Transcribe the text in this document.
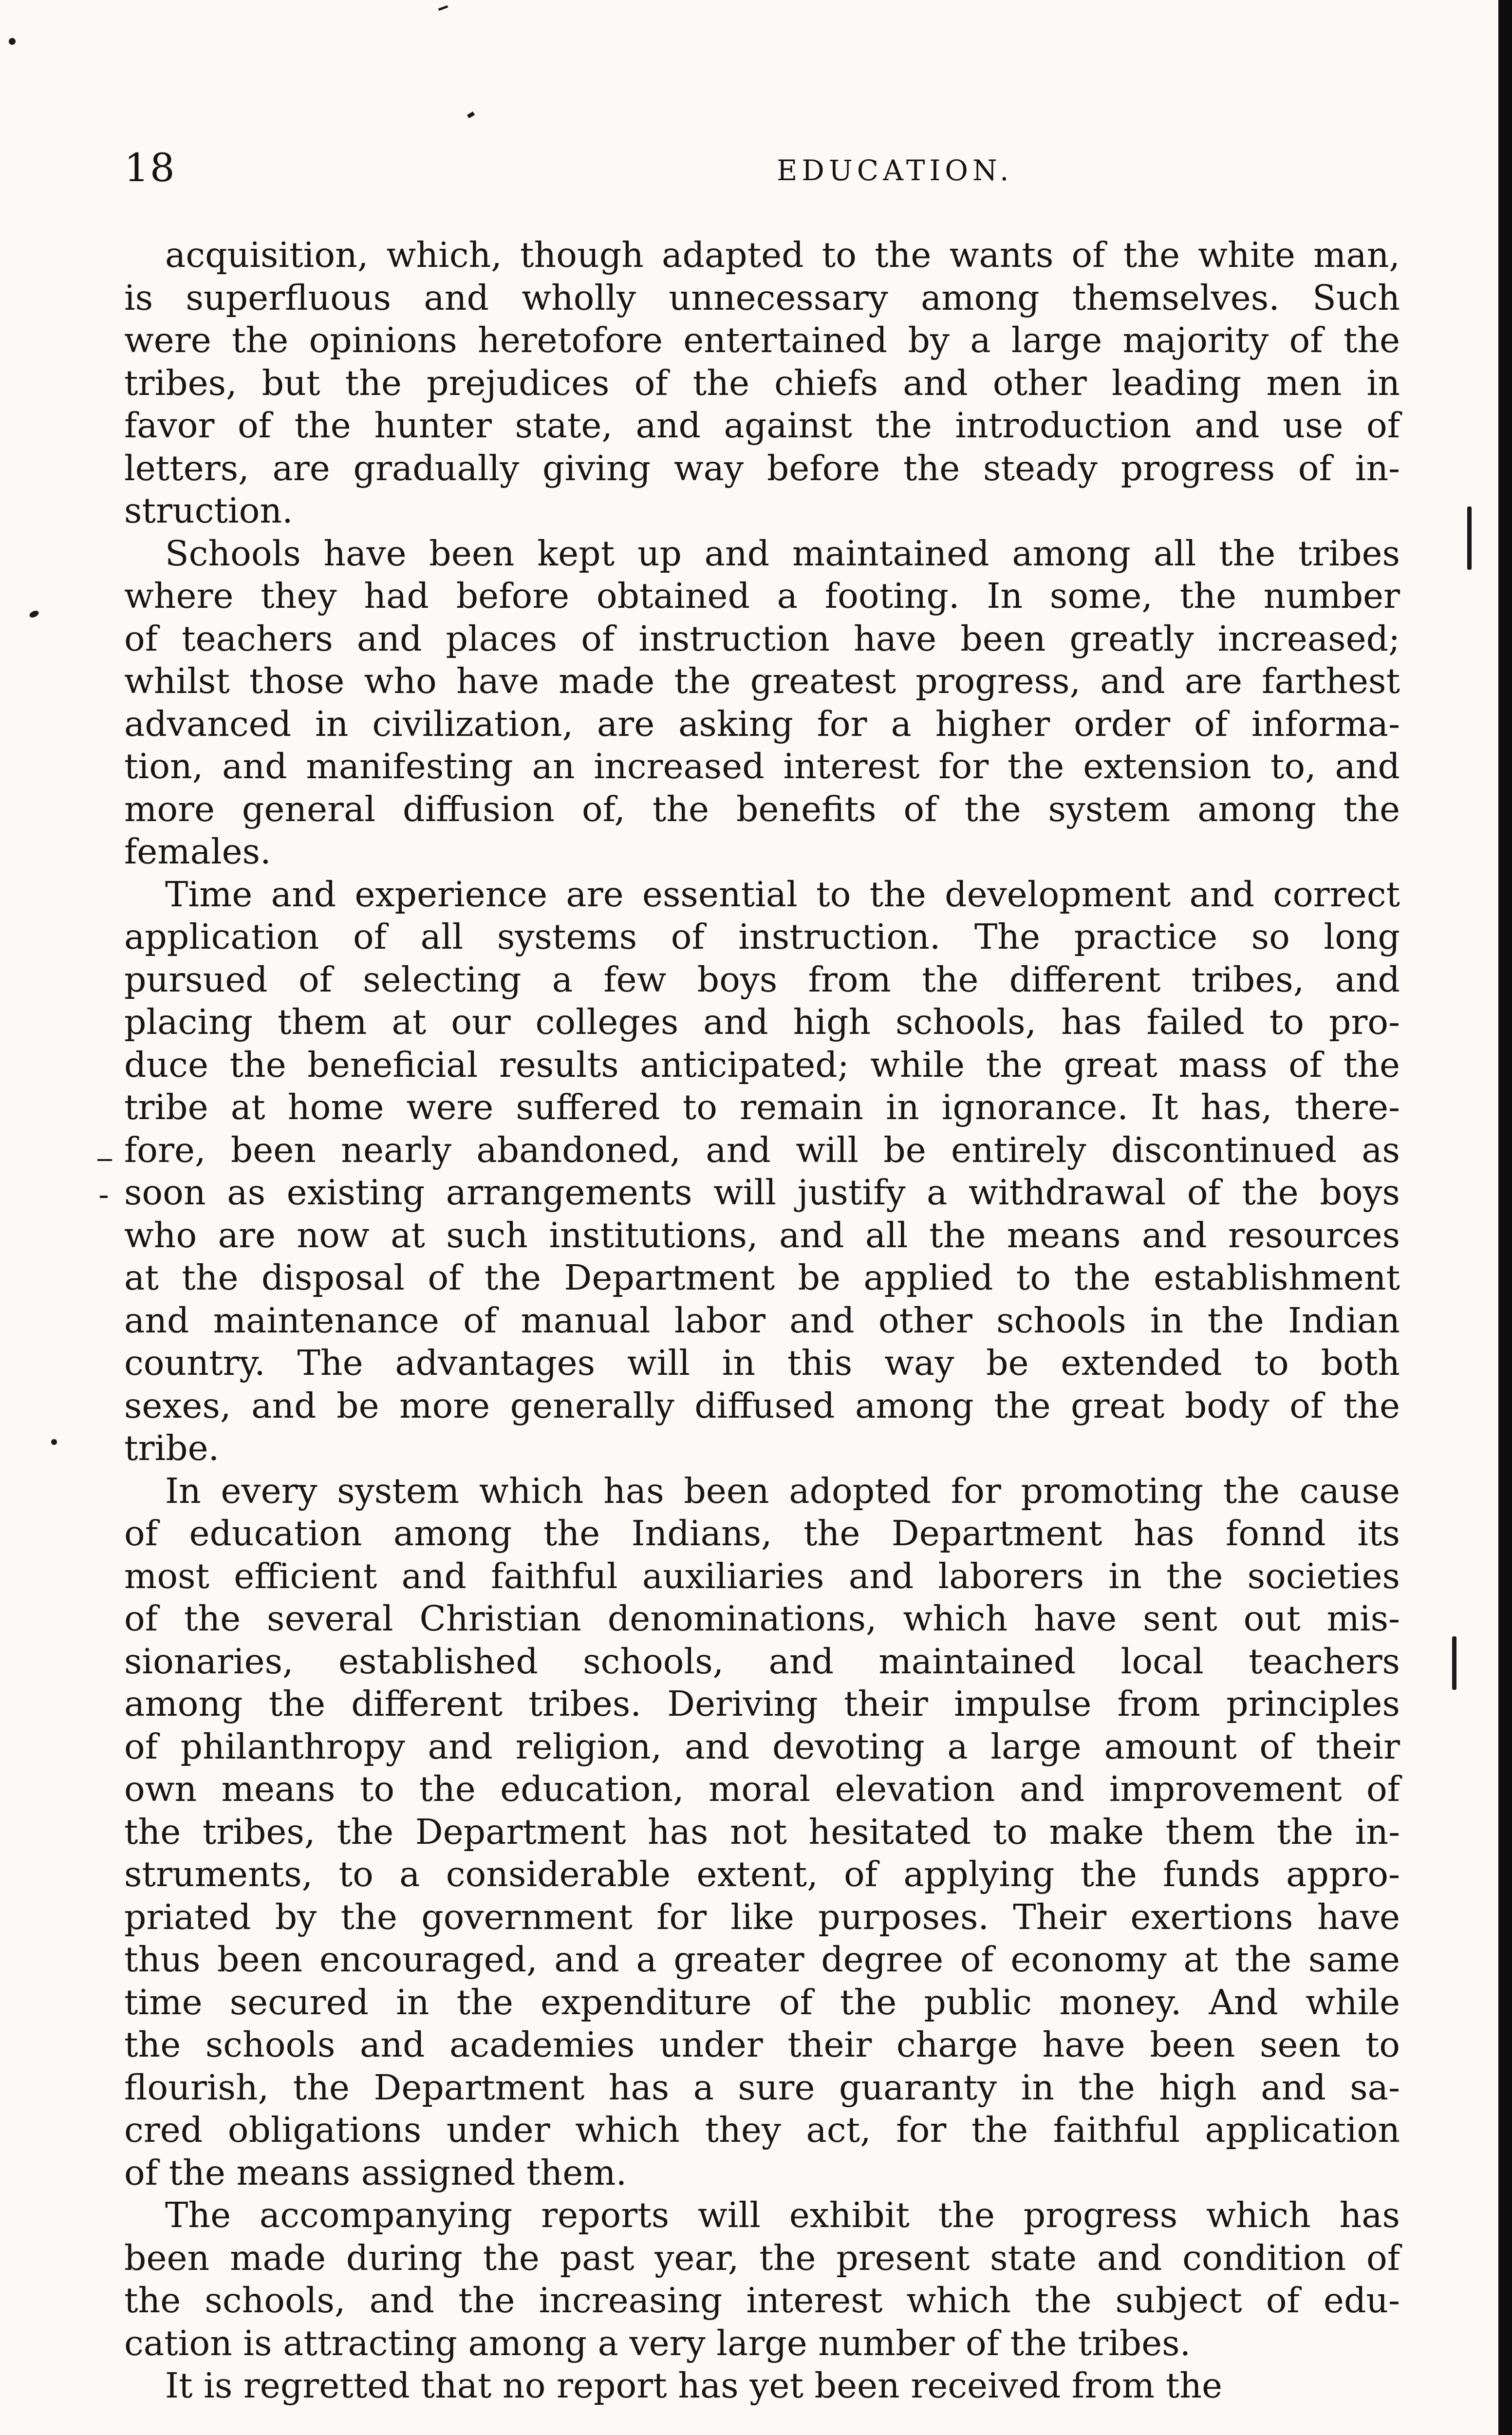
18	EDUCATION.
acquisition, which, though adapted to the wants of the white man,
is superfluous and wholly unnecessary among themselves. Such
were the opinions heretofore entertained by a large majority of the
tribes, but the prejudices of the chiefs and other leading men in
favor of the hunter state, and against the introduction and use of
letters, are gradually giving way before the steady progress of in-
struction.
Schools have been kept up and maintained among all the tribes
where they had before obtained a footing. In some, the number
of teachers and places of instruction have been greatly increased;
whilst those who have made the greatest progress, and are farthest
advanced in civilization, are asking for a higher order of informa-
tion, and manifesting an increased interest for the extension to, and
more general diffusion of, the benefits of the system among the
females.
Time and experience are essential to the development and correct
application of all systems of instruction. The practice so long
pursued of selecting a few boys from the different tribes, and
placing them at our colleges and high schools, has failed to pro-
duce the beneficial results anticipated; while the great mass of the
tribe at home were suffered to remain in ignorance. It has, there-
fore, been nearly abandoned, and will be entirely discontinued as
soon as existing arrangements will justify a withdrawal of the boys
who are now at such institutions, and all the means and resources
at the disposal of the Department be applied to the establishment
and maintenance of manual labor and other schools in the Indian
country. The advantages will in this way be extended to both
sexes, and be more generally diffused among the great body of the
tribe.
In every system which has been adopted for promoting the cause
of education among the Indians, the Department has fonnd its
most efficient and faithful auxiliaries and laborers in the societies
of the several Christian denominations, which have sent out mis-
sionaries, established schools, and maintained local teachers
among the different tribes. Deriving their impulse from principles
of philanthropy and religion, and devoting a large amount of their
own means to the education, moral elevation and improvement of
the tribes, the Department has not hesitated to make them the in-
struments, to a considerable extent, of applying the funds appro-
priated by the government for like purposes. Their exertions have
thus been encouraged, and a greater degree of economy at the same
time secured in the expenditure of the public money. And while
the schools and academies under their charge have been seen to
flourish, the Department has a sure guaranty in the high and sa-
cred obligations under which they act, for the faithful application
of the means assigned them.
The accompanying reports will exhibit the progress which has
been made during the past year, the present state and condition of
the schools, and the increasing interest which the subject of edu-
cation is attracting among a very large number of the tribes.
It is regretted that no report has yet been received from the
